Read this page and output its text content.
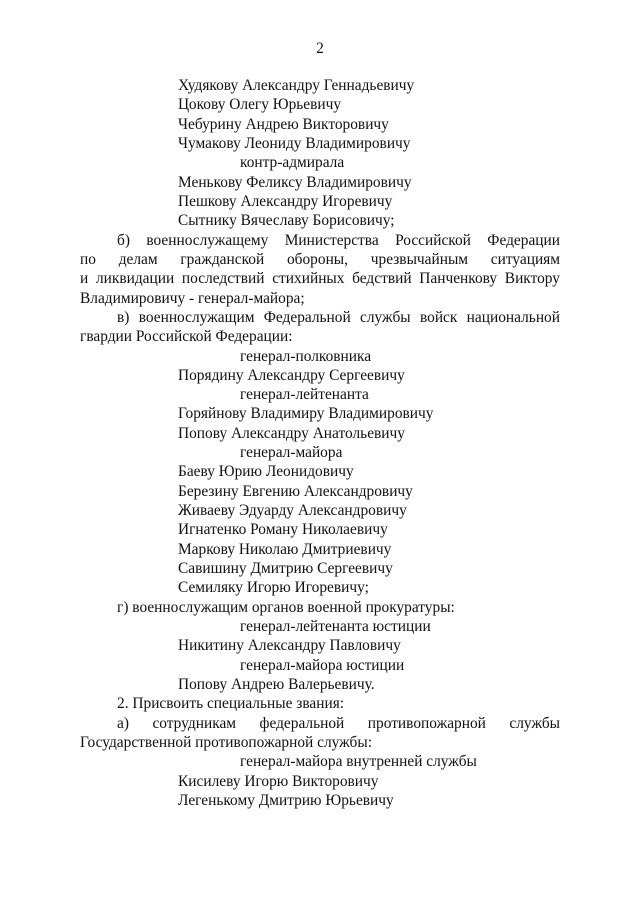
2
Худякову Александру Геннадьевичу
Цокову Олегу Юрьевичу
Чебурину Андрею Викторовичу
Чумакову Леониду Владимировичу
контр-адмирала
Менькову Феликсу Владимировичу
Пешкову Александру Игоревичу
Сытнику Вячеславу Борисовичу;
б) военнослужащему Министерства Российской Федерации
по делам гражданской обороны, чрезвычайным ситуациям
и ликвидации последствий стихийных бедствий Панченкову Виктору
Владимировичу - генерал-майора;
в) военнослужащим Федеральной службы войск национальной
гвардии Российской Федерации:
генерал-полковника
Порядину Александру Сергеевичу
генерал-лейтенанта
Горяйнову Владимиру Владимировичу
Попову Александру Анатольевичу
генерал-майора
Баеву Юрию Леонидовичу
Березину Евгению Александровичу
Живаеву Эдуарду Александровичу
Игнатенко Роману Николаевичу
Маркову Николаю Дмитриевичу
Савишину Дмитрию Сергеевичу
Семиляку Игорю Игоревичу;
г) военнослужащим органов военной прокуратуры:
генерал-лейтенанта юстиции
Никитину Александру Павловичу
генерал-майора юстиции
Попову Андрею Валерьевичу.
2. Присвоить специальные звания:
а) сотрудникам федеральной противопожарной службы
Государственной противопожарной службы:
генерал-майора внутренней службы
Кисилеву Игорю Викторовичу
Легенькому Дмитрию Юрьевичу
